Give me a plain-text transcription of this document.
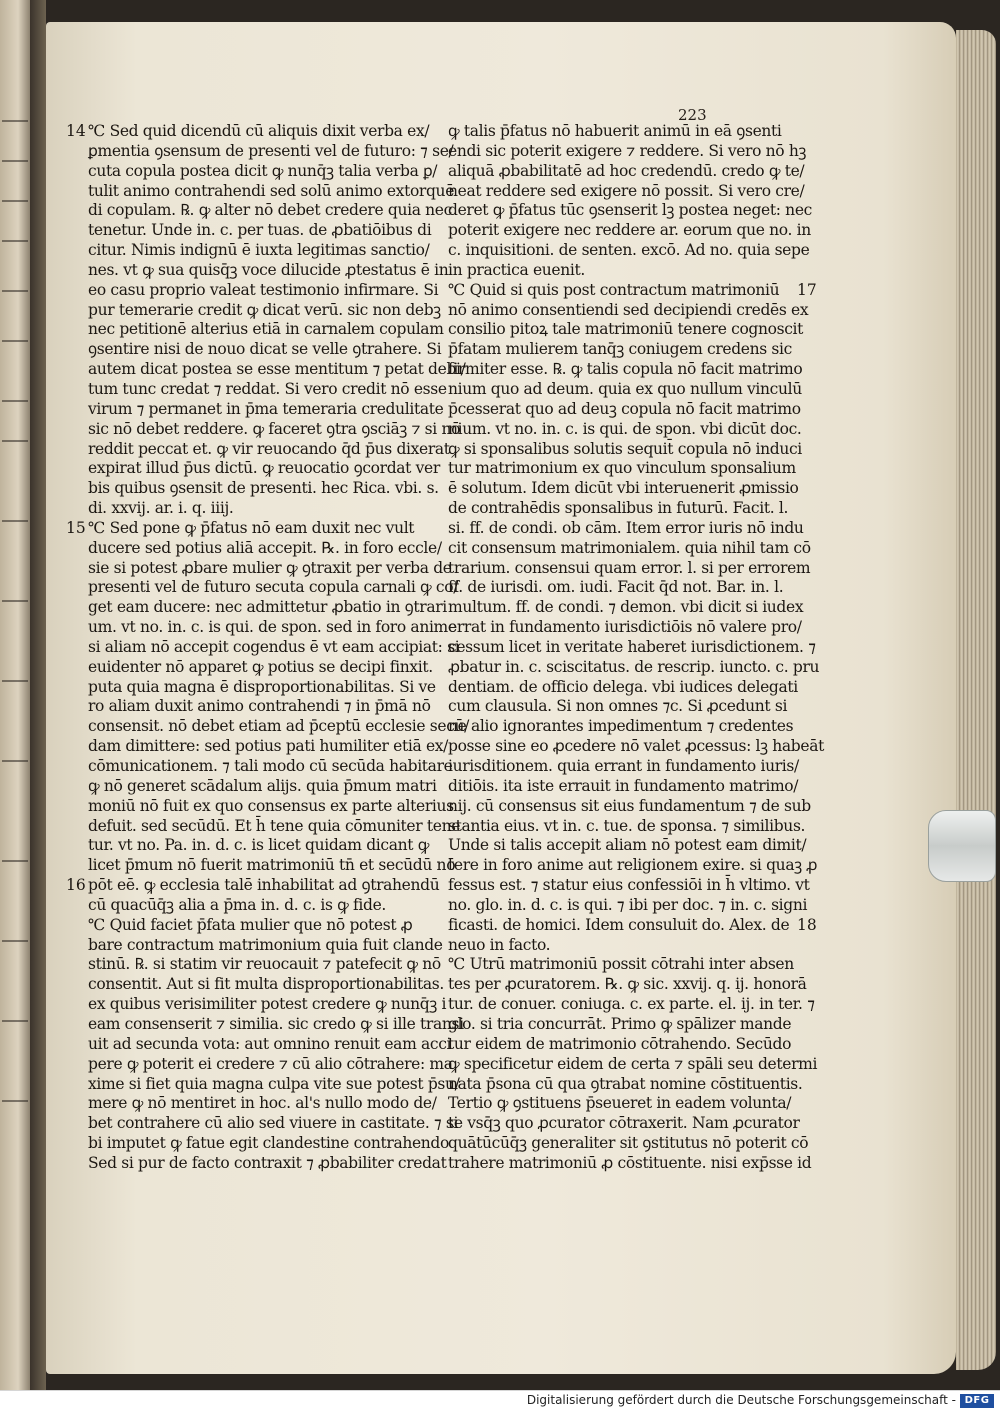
223
14
15
16
17
18
℃ Sed quid dicendū cū aliquis dixit verba ex/
ꝑmentia ꝯsensum de presenti vel de futuro: ⁊ se/
cuta copula postea dicit ꝙ nunq̄ꝫ talia verba ꝑ/
tulit animo contrahendi sed solū animo extorquē
di copulam. ℞. ꝙ alter nō debet credere quia nec
tenetur. Unde in. c. per tuas. de ꝓbatiōibus di
citur. Nimis indignū ē iuxta legitimas sanctio/
nes. vt ꝙ sua quisq̄ꝫ voce dilucide ꝓtestatus ē in
eo casu proprio valeat testimonio infirmare. Si
pur temerarie credit ꝙ dicat verū. sic non debꝫ
nec petitionē alterius etiā in carnalem copulam
ꝯsentire nisi de nouo dicat se velle ꝯtrahere. Si
autem dicat postea se esse mentitum ⁊ petat debi/
tum tunc credat ⁊ reddat. Si vero credit nō esse
virum ⁊ permanet in p̄ma temeraria credulitate
sic nō debet reddere. ꝙ faceret ꝯtra ꝯsciāꝫ ⁊ si nō
reddit peccat et. ꝙ vir reuocando q̄d p̄us dixerat
expirat illud p̄us dictū. ꝙ reuocatio ꝯcordat ver
bis quibus ꝯsensit de presenti. hec Rica. vbi. s.
di. xxvij. ar. i. q. iiij.
℃ Sed pone ꝙ p̄fatus nō eam duxit nec vult
ducere sed potius aliā accepit. ℞. in foro eccle/
sie si potest ꝓbare mulier ꝙ ꝯtraxit per verba de
presenti vel de futuro secuta copula carnali ꝙ co/
get eam ducere: nec admittetur ꝓbatio in ꝯtrari
um. vt no. in. c. is qui. de spon. sed in foro anime
si aliam nō accepit cogendus ē vt eam accipiat: si
euidenter nō apparet ꝙ potius se decipi finxit.
puta quia magna ē disproportionabilitas. Si ve
ro aliam duxit animo contrahendi ⁊ in p̄mā nō
consensit. nō debet etiam ad p̄ceptū ecclesie secū/
dam dimittere: sed potius pati humiliter etiā ex/
cōmunicationem. ⁊ tali modo cū secūda habitare
ꝙ nō generet scādalum alijs. quia p̄mum matri
moniū nō fuit ex quo consensus ex parte alterius
defuit. sed secūdū. Et h̄ tene quia cōmuniter tene
tur. vt no. Pa. in. d. c. is licet quidam dicant ꝙ
licet p̄mum nō fuerit matrimoniū tn̄ et secūdū nō
pōt eē. ꝙ ecclesia talē inhabilitat ad ꝯtrahendū
cū quacūq̄ꝫ alia a p̄ma in. d. c. is ꝙ fide.
℃ Quid faciet p̄fata mulier que nō potest ꝓ
bare contractum matrimonium quia fuit clande
stinū. ℞. si statim vir reuocauit ⁊ patefecit ꝙ nō
consentit. Aut si fit multa disproportionabilitas.
ex quibus verisimiliter potest credere ꝙ nunq̄ꝫ i
eam consenserit ⁊ similia. sic credo ꝙ si ille transi
uit ad secunda vota: aut omnino renuit eam acci
pere ꝙ poterit ei credere ⁊ cū alio cōtrahere: ma
xime si fiet quia magna culpa vite sue potest p̄su/
mere ꝙ nō mentiret in hoc. al's nullo modo de/
bet contrahere cū alio sed viuere in castitate. ⁊ si
bi imputet ꝙ fatue egit clandestine contrahendo
Sed si pur de facto contraxit ⁊ ꝓbabiliter credat
ꝙ talis p̄fatus nō habuerit animū in eā ꝯsenti
endi sic poterit exigere ⁊ reddere. Si vero nō hꝫ
aliquā ꝓbabilitatē ad hoc credendū. credo ꝙ te/
neat reddere sed exigere nō possit. Si vero cre/
deret ꝙ p̄fatus tūc ꝯsenserit lꝫ postea neget: nec
poterit exigere nec reddere ar. eorum que no. in
c. inquisitioni. de senten. excō. Ad no. quia sepe
in practica euenit.
℃ Quid si quis post contractum matrimoniū
nō animo consentiendi sed decipiendi credēs ex
consilio pitoꝝ tale matrimoniū tenere cognoscit
p̄fatam mulierem tanq̄ꝫ coniugem credens sic
firmiter esse. ℞. ꝙ talis copula nō facit matrimo
nium quo ad deum. quia ex quo nullum vinculū
p̄cesserat quo ad deuꝫ copula nō facit matrimo
nium. vt no. in. c. is qui. de spon. vbi dicūt doc.
ꝙ si sponsalibus solutis sequit̄ copula nō induci
tur matrimonium ex quo vinculum sponsalium
ē solutum. Idem dicūt vbi interuenerit ꝓmissio
de contrahēdis sponsalibus in futurū. Facit. l.
si. ff. de condi. ob cām. Item error iuris nō indu
cit consensum matrimonialem. quia nihil tam cō
trarium. consensui quam error. l. si per errorem
ff. de iurisdi. om. iudi. Facit q̄d not. Bar. in. l.
multum. ff. de condi. ⁊ demon. vbi dicit si iudex
errat in fundamento iurisdictiōis nō valere pro/
cessum licet in veritate haberet iurisdictionem. ⁊
ꝓbatur in. c. sciscitatus. de rescrip. iuncto. c. pru
dentiam. de officio delega. vbi iudices delegati
cum clausula. Si non omnes ⁊c. Si ꝓcedunt si
ne alio ignorantes impedimentum ⁊ credentes
posse sine eo ꝓcedere nō valet ꝓcessus: lꝫ habeāt
iurisditionem. quia errant in fundamento iuris/
ditiōis. ita iste errauit in fundamento matrimo/
nij. cū consensus sit eius fundamentum ⁊ de sub
stantia eius. vt in. c. tue. de sponsa. ⁊ similibus.
Unde si talis accepit aliam nō potest eam dimit/
tere in foro anime aut religionem exire. si quaꝫ ꝓ
fessus est. ⁊ statur eius confessiōi in h̄ vltimo. vt
no. glo. in. d. c. is qui. ⁊ ibi per doc. ⁊ in. c. signi
ficasti. de homici. Idem consuluit do. Alex. de
neuo in facto.
℃ Utrū matrimoniū possit cōtrahi inter absen
tes per ꝓcuratorem. ℞. ꝙ sic. xxvij. q. ij. honorā
tur. de conuer. coniuga. c. ex parte. el. ij. in ter. ⁊
glo. si tria concurrāt. Primo ꝙ spālizer mande
tur eidem de matrimonio cōtrahendo. Secūdo
ꝙ specificetur eidem de certa ⁊ spāli seu determi
nata p̄sona cū qua ꝯtrabat nomine cōstituentis.
Tertio ꝙ ꝯstituens p̄seueret in eadem volunta/
te vsq̄ꝫ quo ꝓcurator cōtraxerit. Nam ꝓcurator
quātūcūq̄ꝫ generaliter sit ꝯstitutus nō poterit cō
trahere matrimoniū ꝓ cōstituente. nisi exp̄sse id
Digitalisierung gefördert durch die Deutsche Forschungsgemeinschaft - DFG
